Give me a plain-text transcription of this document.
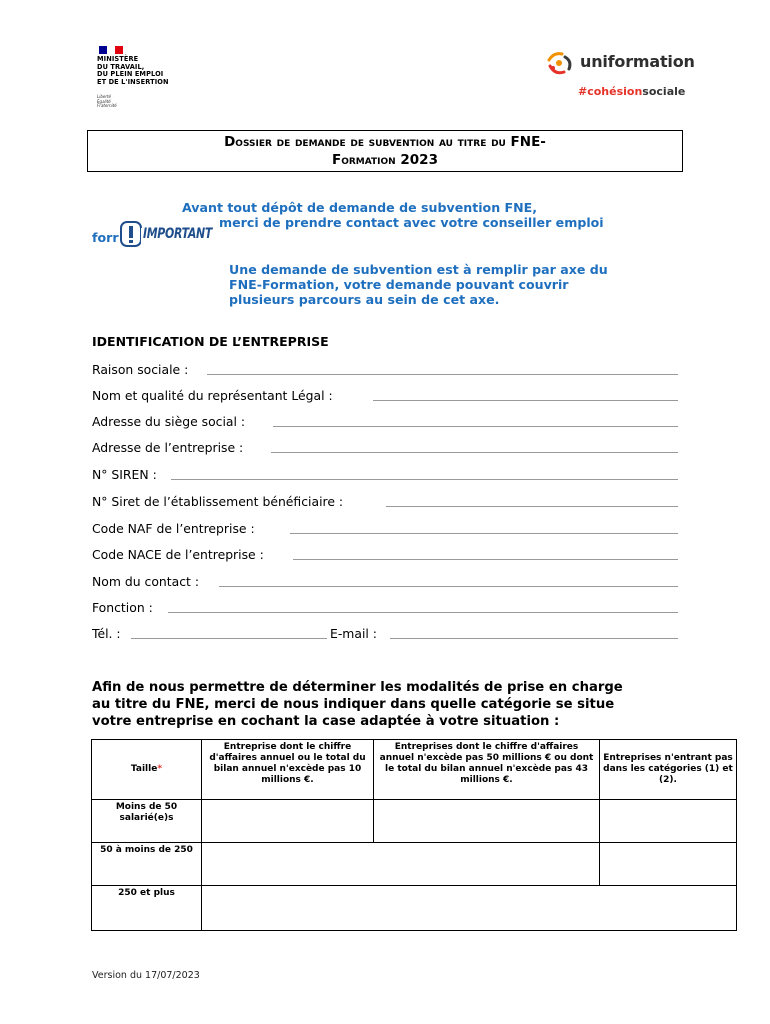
MINISTÈRE
DU TRAVAIL,
DU PLEIN EMPLOI
ET DE L'INSERTION
Liberté
Égalité
Fraternité
uniformation
#cohésionsociale
Dossier de demande de subvention au titre du FNE-
Formation 2023
Avant tout dépôt de demande de subvention FNE,
merci de prendre contact avec votre conseiller emploi
forr IMPORTANT
Une demande de subvention est à remplir par axe du
FNE-Formation, votre demande pouvant couvrir
plusieurs parcours au sein de cet axe.
IDENTIFICATION DE L’ENTREPRISE
Raison sociale :
Nom et qualité du représentant Légal :
Adresse du siège social :
Adresse de l’entreprise :
N° SIREN :
N° Siret de l’établissement bénéficiaire :
Code NAF de l’entreprise :
Code NACE de l’entreprise :
Nom du contact :
Fonction :
Tél. :	E-mail :
Afin de nous permettre de déterminer les modalités de prise en charge
au titre du FNE, merci de nous indiquer dans quelle catégorie se situe
votre entreprise en cochant la case adaptée à votre situation :
Taille*	Entreprise dont le chiffre d'affaires annuel ou le total du bilan annuel n'excède pas 10 millions €.	Entreprises dont le chiffre d'affaires annuel n'excède pas 50 millions € ou dont le total du bilan annuel n'excède pas 43 millions €.	Entreprises n'entrant pas dans les catégories (1) et (2).
Moins de 50 salarié(e)s			
50 à moins de 250			
250 et plus			
Version du 17/07/2023
